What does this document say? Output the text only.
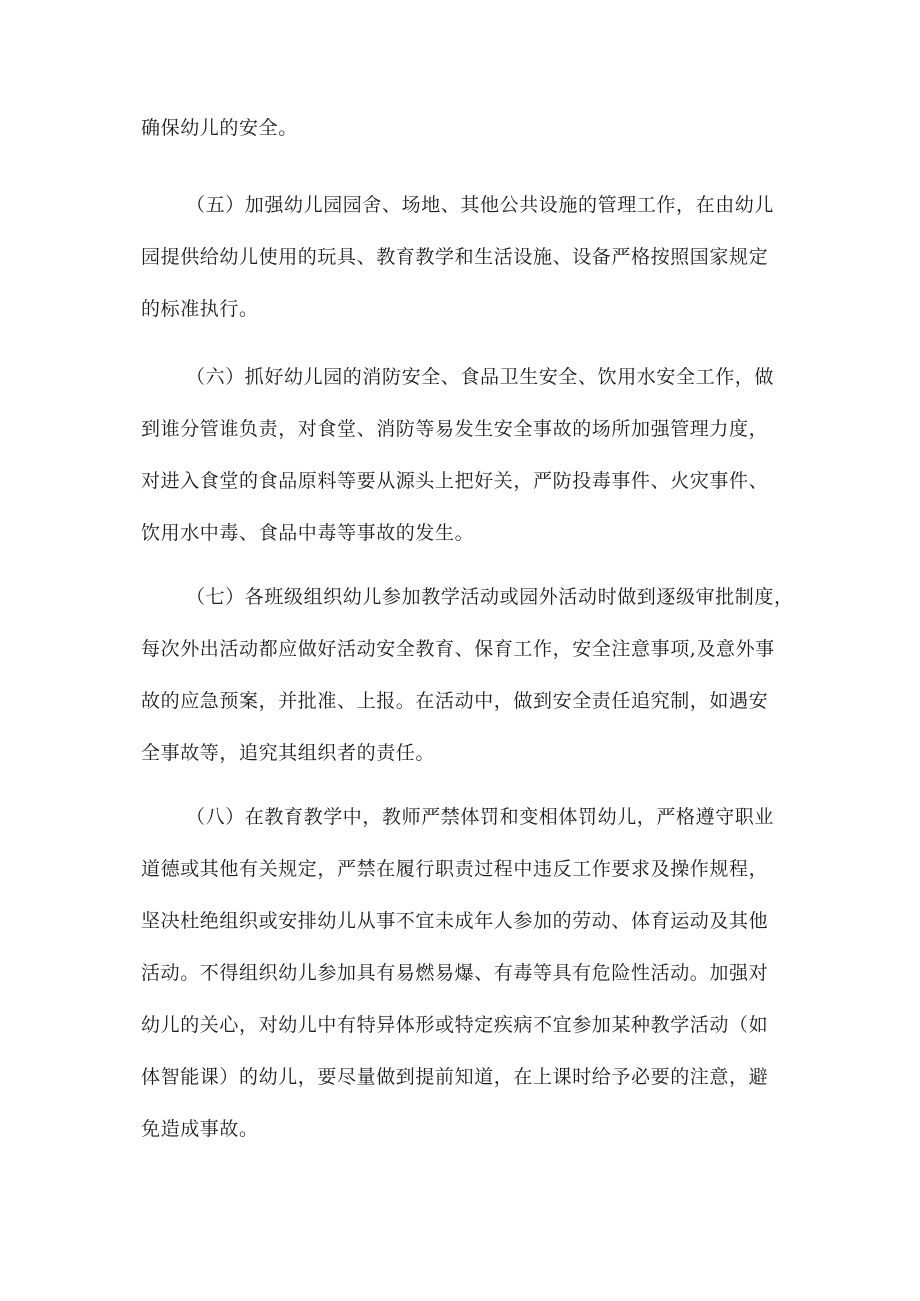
确保幼儿的安全。

（五）加强幼儿园园舍、场地、其他公共设施的管理工作，在由幼儿
园提供给幼儿使用的玩具、教育教学和生活设施、设备严格按照国家规定
的标准执行。

（六）抓好幼儿园的消防安全、食品卫生安全、饮用水安全工作，做
到谁分管谁负责，对食堂、消防等易发生安全事故的场所加强管理力度，
对进入食堂的食品原料等要从源头上把好关，严防投毒事件、火灾事件、
饮用水中毒、食品中毒等事故的发生。

（七）各班级组织幼儿参加教学活动或园外活动时做到逐级审批制度，
每次外出活动都应做好活动安全教育、保育工作，安全注意事项,及意外事
故的应急预案，并批准、上报。在活动中，做到安全责任追究制，如遇安
全事故等，追究其组织者的责任。

（八）在教育教学中，教师严禁体罚和变相体罚幼儿，严格遵守职业
道德或其他有关规定，严禁在履行职责过程中违反工作要求及操作规程，
坚决杜绝组织或安排幼儿从事不宜未成年人参加的劳动、体育运动及其他
活动。不得组织幼儿参加具有易燃易爆、有毒等具有危险性活动。加强对
幼儿的关心，对幼儿中有特异体形或特定疾病不宜参加某种教学活动（如
体智能课）的幼儿，要尽量做到提前知道，在上课时给予必要的注意，避
免造成事故。
